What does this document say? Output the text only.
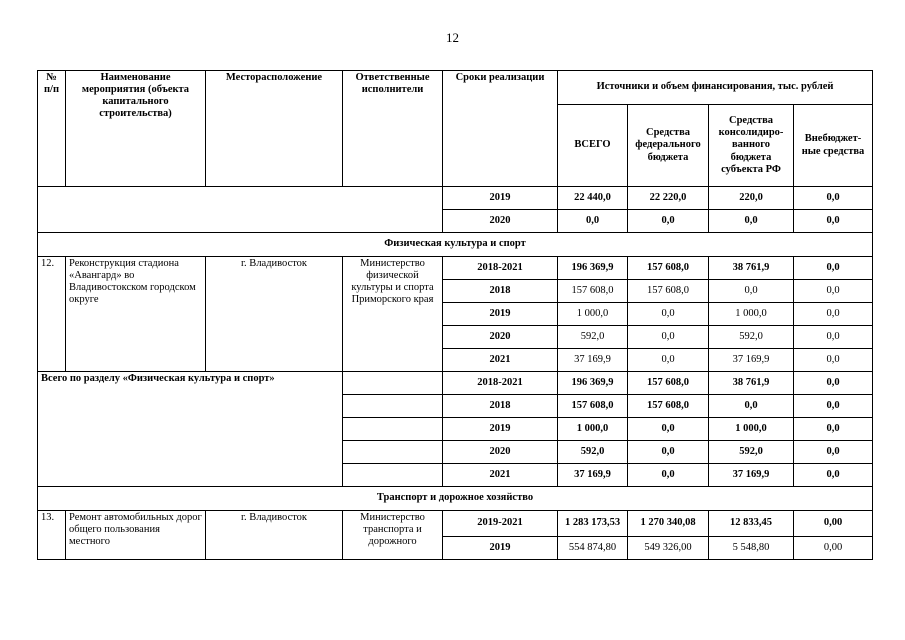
12
№ п/п	Наименование мероприятия (объекта капитального строительства)	Месторасположение	Ответственные исполнители	Сроки реализации	Источники и объем финансирования, тыс. рублей			
					ВСЕГО	Средства федерального бюджета	Средства консолидиро-ванного бюджета субъекта РФ	Внебюджет-ные средства
				2019	22 440,0	22 220,0	220,0	0,0
				2020	0,0	0,0	0,0	0,0
Физическая культура и спорт								
12.	Реконструкция стадиона «Авангард» во Владивостокском городском округе	г. Владивосток	Министерство физической культуры и спорта Приморского края	2018-2021	196 369,9	157 608,0	38 761,9	0,0
				2018	157 608,0	157 608,0	0,0	0,0
				2019	1 000,0	0,0	1 000,0	0,0
				2020	592,0	0,0	592,0	0,0
				2021	37 169,9	0,0	37 169,9	0,0
Всего по разделу «Физическая культура и спорт»				2018-2021	196 369,9	157 608,0	38 761,9	0,0
				2018	157 608,0	157 608,0	0,0	0,0
				2019	1 000,0	0,0	1 000,0	0,0
				2020	592,0	0,0	592,0	0,0
				2021	37 169,9	0,0	37 169,9	0,0
Транспорт и дорожное хозяйство								
13.	Ремонт автомобильных дорог общего пользования местного	г. Владивосток	Министерство транспорта и дорожного	2019-2021	1 283 173,53	1 270 340,08	12 833,45	0,00
				2019	554 874,80	549 326,00	5 548,80	0,00
